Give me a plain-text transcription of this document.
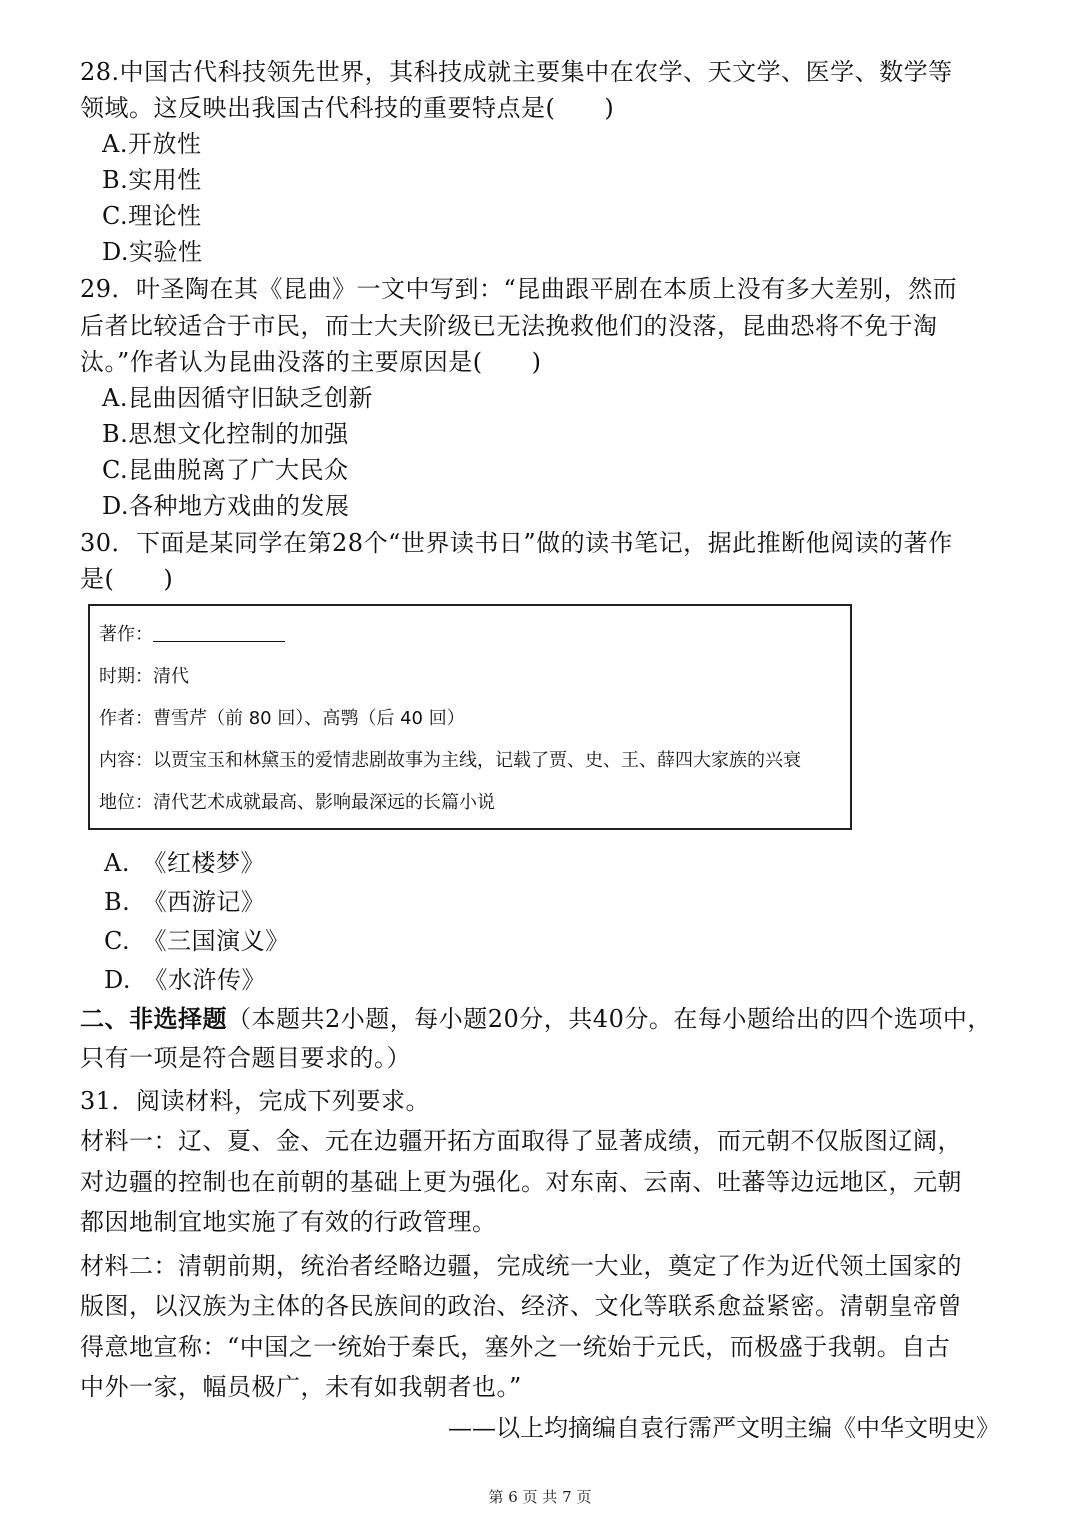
28.中国古代科技领先世界，其科技成就主要集中在农学、天文学、医学、数学等
领域。这反映出我国古代科技的重要特点是(　　)
A.开放性
B.实用性
C.理论性
D.实验性
29．叶圣陶在其《昆曲》一文中写到：“昆曲跟平剧在本质上没有多大差别，然而
后者比较适合于市民，而士大夫阶级已无法挽救他们的没落，昆曲恐将不免于淘
汰。”作者认为昆曲没落的主要原因是(　　)
A.昆曲因循守旧缺乏创新
B.思想文化控制的加强
C.昆曲脱离了广大民众
D.各种地方戏曲的发展
30．下面是某同学在第28个“世界读书日”做的读书笔记，据此推断他阅读的著作
是(　　)
著作：
时期：清代
作者：曹雪芹（前 80 回）、高鹗（后 40 回）
内容：以贾宝玉和林黛玉的爱情悲剧故事为主线，记载了贾、史、王、薛四大家族的兴衰
地位：清代艺术成就最高、影响最深远的长篇小说
A.　《红楼梦》
B.　《西游记》
C.　《三国演义》
D.　《水浒传》
二、非选择题（本题共2小题，每小题20分，共40分。在每小题给出的四个选项中，
只有一项是符合题目要求的。）
31．阅读材料，完成下列要求。
材料一：辽、夏、金、元在边疆开拓方面取得了显著成绩，而元朝不仅版图辽阔，
对边疆的控制也在前朝的基础上更为强化。对东南、云南、吐蕃等边远地区，元朝
都因地制宜地实施了有效的行政管理。
材料二：清朝前期，统治者经略边疆，完成统一大业，奠定了作为近代领土国家的
版图，以汉族为主体的各民族间的政治、经济、文化等联系愈益紧密。清朝皇帝曾
得意地宣称：“中国之一统始于秦氏，塞外之一统始于元氏，而极盛于我朝。自古
中外一家，幅员极广，未有如我朝者也。”
——以上均摘编自袁行霈严文明主编《中华文明史》
第 6 页 共 7 页
